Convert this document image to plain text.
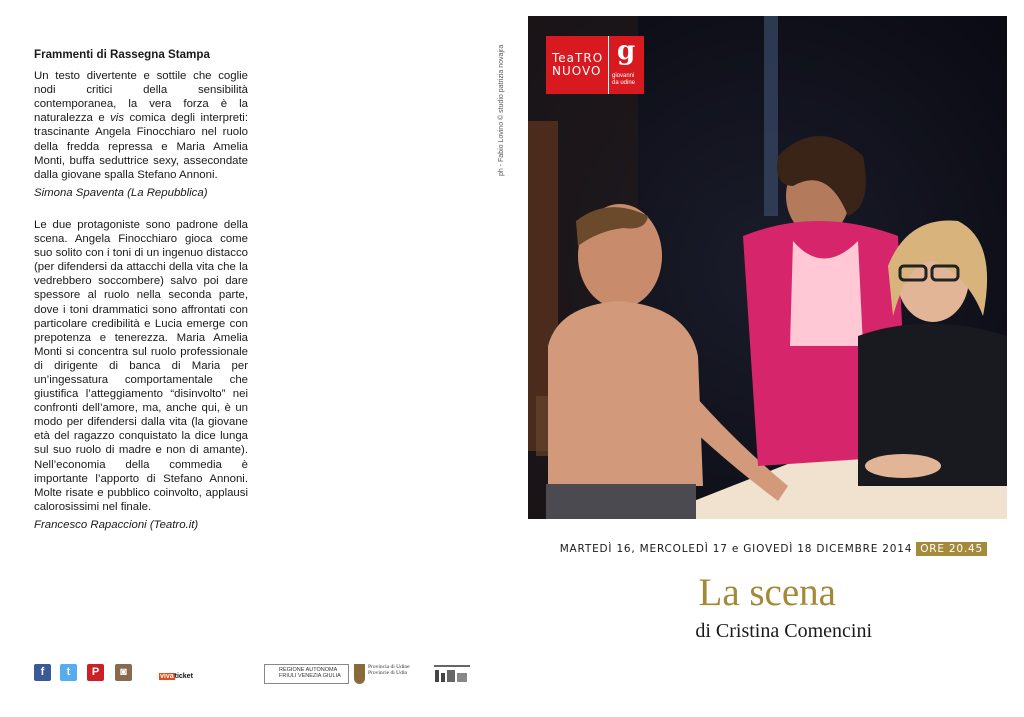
Frammenti di Rassegna Stampa

Un testo divertente e sottile che coglie nodi critici della sensibilità contemporanea, la vera forza è la naturalezza e vis comica degli interpreti: trascinante Angela Finocchiaro nel ruolo della fredda repressa e Maria Amelia Monti, buffa seduttrice sexy, assecondate dalla giovane spalla Stefano Annoni.

Simona Spaventa (La Repubblica)

Le due protagoniste sono padrone della scena. Angela Finocchiaro gioca come suo solito con i toni di un ingenuo distacco (per difendersi da attacchi della vita che la vedrebbero soccombere) salvo poi dare spessore al ruolo nella seconda parte, dove i toni drammatici sono affrontati con particolare credibilità e Lucia emerge con prepotenza e tenerezza. Maria Amelia Monti si concentra sul ruolo professionale di dirigente di banca di Maria per un’ingessatura comportamentale che giustifica l’atteggiamento “disinvolto” nei confronti dell’amore, ma, anche qui, è un modo per difendersi dalla vita (la giovane età del ragazzo conquistato la dice lunga sul suo ruolo di madre e non di amante). Nell’economia della commedia è importante l’apporto di Stefano Annoni. Molte risate e pubblico coinvolto, applausi calorosissimi nel finale.

Francesco Rapaccioni (Teatro.it)

ph - Fabio Lovino © studio patrizia novajra	TeaTRO
NUOVO
g
giovanni
da udine
MARTEDÌ 16, MERCOLEDÌ 17 e GIOVEDÌ 18 DICEMBRE 2014 ORE 20.45
La scena
di Cristina Comencini
f	t	P	◙	vivaticket
REGIONE AUTONOMA
FRIULI VENEZIA GIULIA
Provincia di Udine
Provincie di Udin
